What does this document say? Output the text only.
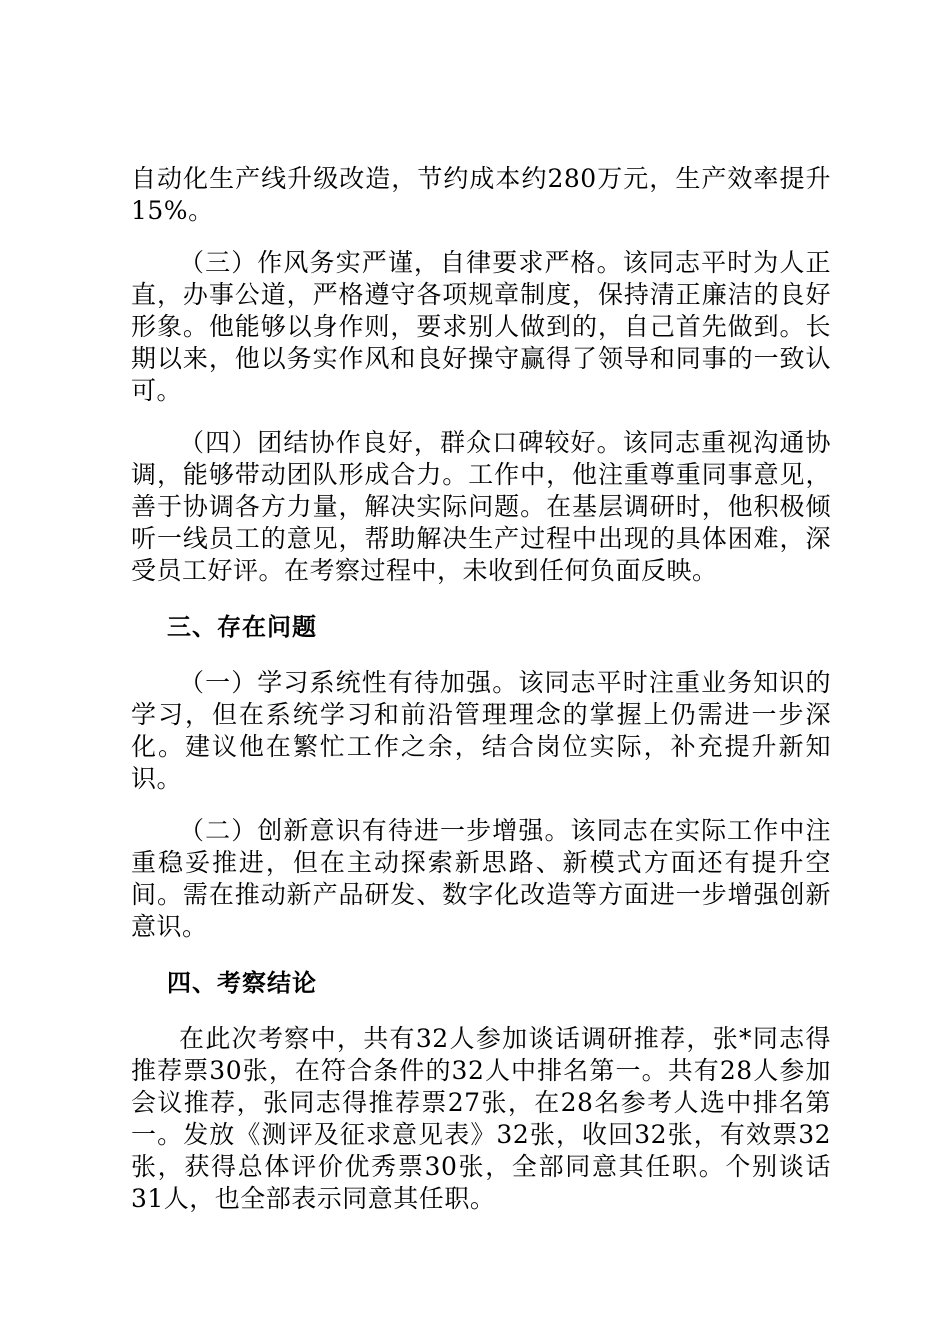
自动化生产线升级改造，节约成本约280万元，生产效率提升15%。

（三）作风务实严谨，自律要求严格。该同志平时为人正直，办事公道，严格遵守各项规章制度，保持清正廉洁的良好形象。他能够以身作则，要求别人做到的，自己首先做到。长期以来，他以务实作风和良好操守赢得了领导和同事的一致认可。

（四）团结协作良好，群众口碑较好。该同志重视沟通协调，能够带动团队形成合力。工作中，他注重尊重同事意见，善于协调各方力量，解决实际问题。在基层调研时，他积极倾听一线员工的意见，帮助解决生产过程中出现的具体困难，深受员工好评。在考察过程中，未收到任何负面反映。

三、存在问题

（一）学习系统性有待加强。该同志平时注重业务知识的学习，但在系统学习和前沿管理理念的掌握上仍需进一步深化。建议他在繁忙工作之余，结合岗位实际，补充提升新知识。

（二）创新意识有待进一步增强。该同志在实际工作中注重稳妥推进，但在主动探索新思路、新模式方面还有提升空间。需在推动新产品研发、数字化改造等方面进一步增强创新意识。

四、考察结论

在此次考察中，共有32人参加谈话调研推荐，张*同志得推荐票30张，在符合条件的32人中排名第一。共有28人参加会议推荐，张同志得推荐票27张，在28名参考人选中排名第一。发放《测评及征求意见表》32张，收回32张，有效票32张，获得总体评价优秀票30张，全部同意其任职。个别谈话31人，也全部表示同意其任职。
